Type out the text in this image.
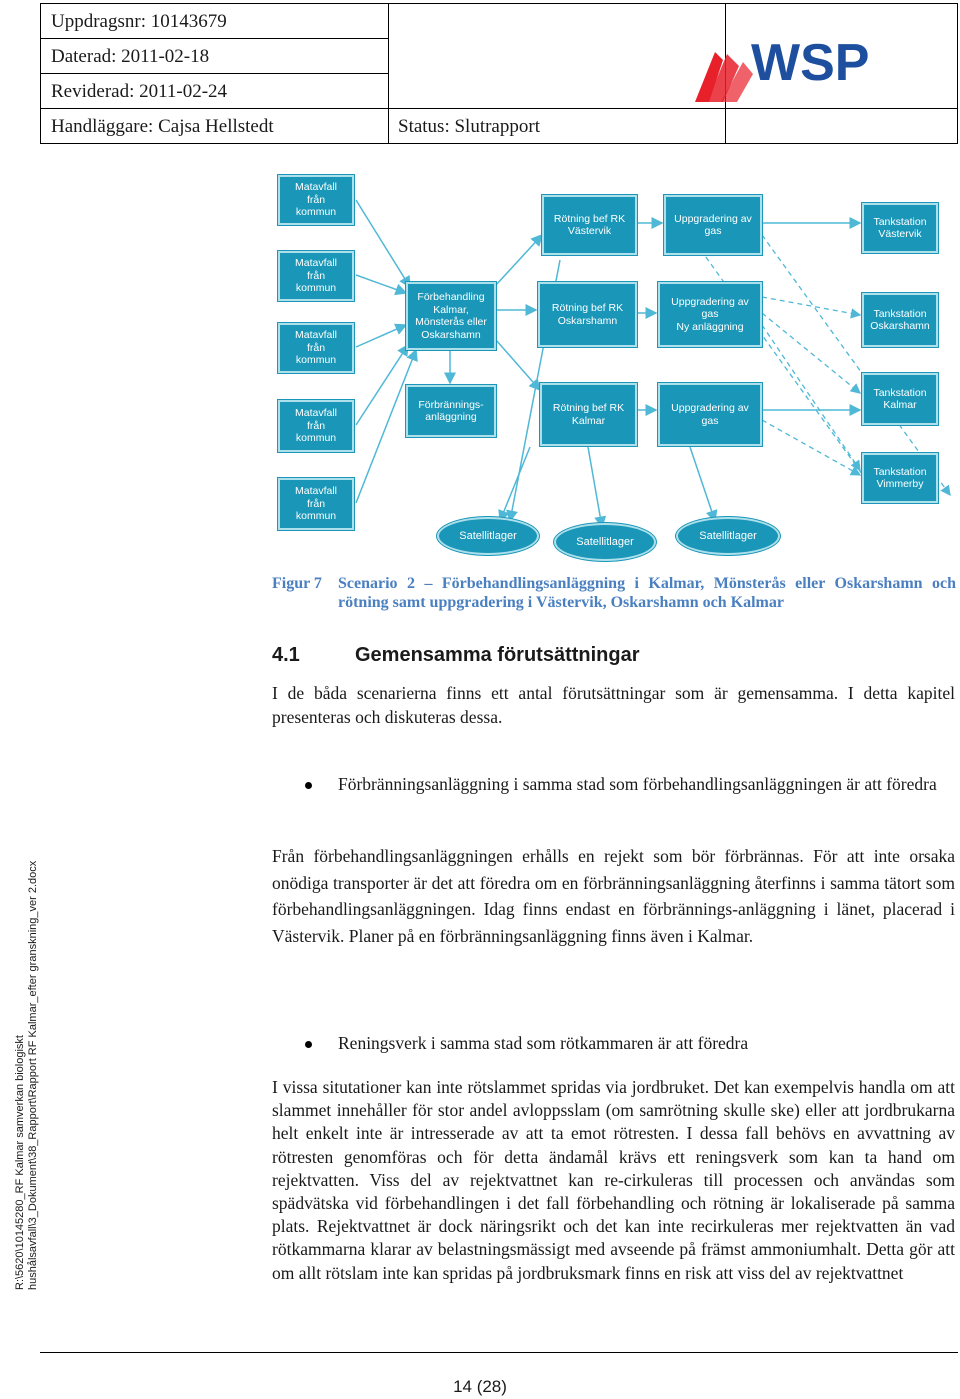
Uppdragsnr: 10143679
Daterad: 2011-02-18
Reviderad: 2011-02-24
Handläggare: Cajsa Hellstedt	Status: Slutrapport
WSP
Matavfall
från
kommun
Matavfall
från
kommun
Matavfall
från
kommun
Matavfall
från
kommun
Matavfall
från
kommun
Förbehandling
Kalmar,
Mönsterås eller
Oskarshamn
Förbrännings-
anläggning
Rötning bef RK
Västervik
Rötning bef RK
Oskarshamn
Rötning bef RK
Kalmar
Uppgradering av
gas
Uppgradering av
gas
Ny anläggning
Uppgradering av
gas
Tankstation
Västervik
Tankstation
Oskarshamn
Tankstation
Kalmar
Tankstation
Vimmerby
Satellitlager	Satellitlager	Satellitlager
Figur 7 Scenario 2 – Förbehandlingsanläggning i Kalmar, Mönsterås eller Oskarshamn och rötning samt uppgradering i Västervik, Oskarshamn och Kalmar
4.1	Gemensamma förutsättningar
I de båda scenarierna finns ett antal förutsättningar som är gemensamma. I detta kapitel presenteras och diskuteras dessa.
Förbränningsanläggning i samma stad som förbehandlingsanläggningen är att föredra
Från förbehandlingsanläggningen erhålls en rejekt som bör förbrännas. För att inte orsaka onödiga transporter är det att föredra om en förbränningsanläggning återfinns i samma tätort som förbehandlingsanläggningen. Idag finns endast en förbrännings-anläggning i länet, placerad i Västervik. Planer på en förbränningsanläggning finns även i Kalmar.
Reningsverk i samma stad som rötkammaren är att föredra
I vissa situtationer kan inte rötslammet spridas via jordbruket. Det kan exempelvis handla om att slammet innehåller för stor andel avloppsslam (om samrötning skulle ske) eller att jordbrukarna helt enkelt inte är intresserade av att ta emot rötresten. I dessa fall behövs en avvattning av rötresten genomföras och för detta ändamål krävs ett reningsverk som kan ta hand om rejektvatten. Viss del av rejektvattnet kan re-cirkuleras till processen och användas som spädvätska vid förbehandlingen i det fall förbehandling och rötning är lokaliserade på samma plats. Rejektvattnet är dock näringsrikt och det kan inte recirkuleras mer rejektvatten än vad rötkammarna klarar av belastningsmässigt med avseende på främst ammoniumhalt. Detta gör att om allt rötslam inte kan spridas på jordbruksmark finns en risk att viss del av rejektvattnet
R:\5620\10145280_RF Kalmar samverkan biologiskt hushålsavfall\3_Dokument\38_Rapport\Rapport RF Kalmar_efter granskning_ver 2.docx
14 (28)
